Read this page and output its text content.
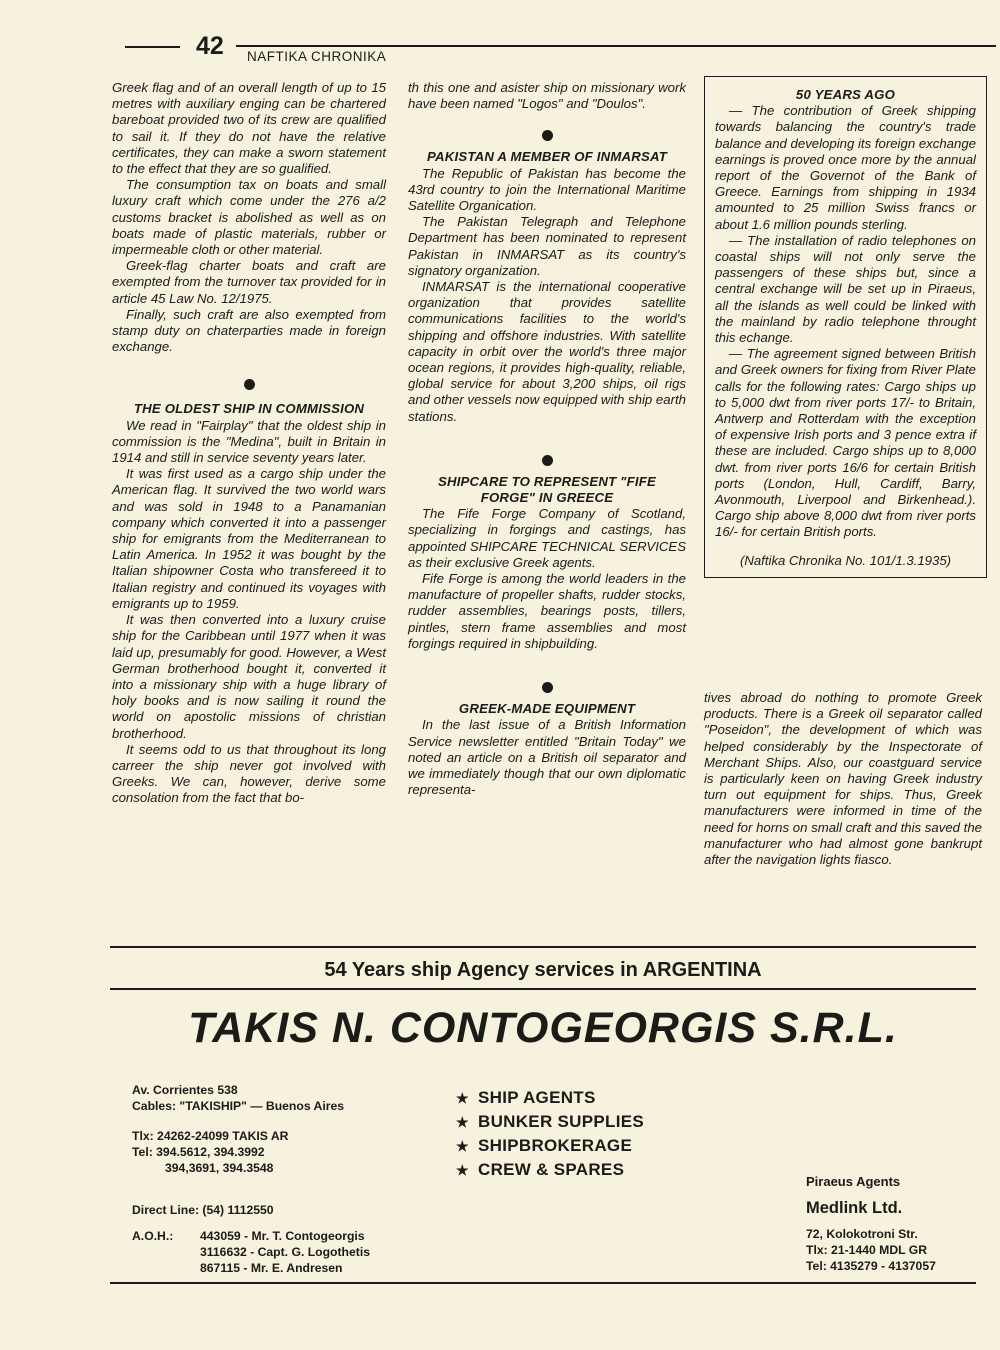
42 NAFTIKA CHRONIKA

Greek flag and of an overall length of up to 15 metres with auxiliary enging can be chartered bareboat provided two of its crew are qualified to sail it. If they do not have the relative certificates, they can make a sworn statement to the effect that they are so gualified.

The consumption tax on boats and small luxury craft which come under the 276 a/2 customs bracket is abolished as well as on boats made of plastic materials, rubber or impermeable cloth or other material.

Greek-flag charter boats and craft are exempted from the turnover tax provided for in article 45 Law No. 12/1975.

Finally, such craft are also exempted from stamp duty on chaterparties made in foreign exchange.

THE OLDEST SHIP IN COMMISSION

We read in "Fairplay" that the oldest ship in commission is the "Medina", built in Britain in 1914 and still in service seventy years later.

It was first used as a cargo ship under the American flag. It survived the two world wars and was sold in 1948 to a Panamanian company which converted it into a passenger ship for emigrants from the Mediterranean to Latin America. In 1952 it was bought by the Italian shipowner Costa who transfereed it to Italian registry and continued its voyages with emigrants up to 1959.

It was then converted into a luxury cruise ship for the Caribbean until 1977 when it was laid up, presumably for good. However, a West German brotherhood bought it, converted it into a missionary ship with a huge library of holy books and is now sailing it round the world on apostolic missions of christian brotherhood.

It seems odd to us that throughout its long carreer the ship never got involved with Greeks. We can, however, derive some consolation from the fact that bo-

th this one and asister ship on missionary work have been named "Logos" and "Doulos".

PAKISTAN A MEMBER OF INMARSAT

The Republic of Pakistan has become the 43rd country to join the International Maritime Satellite Organication.

The Pakistan Telegraph and Telephone Department has been nominated to represent Pakistan in INMARSAT as its country's signatory organization.

INMARSAT is the international cooperative organization that provides satellite communications facilities to the world's shipping and offshore industries. With satellite capacity in orbit over the world's three major ocean regions, it provides high-quality, reliable, global service for about 3,200 ships, oil rigs and other vessels now equipped with ship earth stations.

SHIPCARE TO REPRESENT "FIFE FORGE" IN GREECE

The Fife Forge Company of Scotland, specializing in forgings and castings, has appointed SHIPCARE TECHNICAL SERVICES as their exclusive Greek agents.

Fife Forge is among the world leaders in the manufacture of propeller shafts, rudder stocks, rudder assemblies, bearings posts, tillers, pintles, stern frame assemblies and most forgings required in shipbuilding.

GREEK-MADE EQUIPMENT

In the last issue of a British Information Service newsletter entitled "Britain Today" we noted an article on a British oil separator and we immediately though that our own diplomatic representa-

50 YEARS AGO

— The contribution of Greek shipping towards balancing the country's trade balance and developing its foreign exchange earnings is proved once more by the annual report of the Governot of the Bank of Greece. Earnings from shipping in 1934 amounted to 25 million Swiss francs or about 1.6 million pounds sterling.

— The installation of radio telephones on coastal ships will not only serve the passengers of these ships but, since a central exchange will be set up in Piraeus, all the islands as well could be linked with the mainland by radio telephone throught this echange.

— The agreement signed between British and Greek owners for fixing from River Plate calls for the following rates: Cargo ships up to 5,000 dwt from river ports 17/- to Britain, Antwerp and Rotterdam with the exception of expensive Irish ports and 3 pence extra if these are included. Cargo ships up to 8,000 dwt. from river ports 16/6 for certain British ports (London, Hull, Cardiff, Barry, Avonmouth, Liverpool and Birkenhead.). Cargo ship above 8,000 dwt from river ports 16/- for certain British ports.

(Naftika Chronika No. 101/1.3.1935)

tives abroad do nothing to promote Greek products. There is a Greek oil separator called "Poseidon", the development of which was helped considerably by the Inspectorate of Merchant Ships. Also, our coastguard service is particularly keen on having Greek industry turn out equipment for ships. Thus, Greek manufacturers were informed in time of the need for horns on small craft and this saved the manufacturer who had almost gone bankrupt after the navigation lights fiasco.

54 Years ship Agency services in ARGENTINA
TAKIS N. CONTOGEORGIS S.R.L.
Av. Corrientes 538
Cables: "TAKISHIP" — Buenos Aires
Tlx: 24262-24099 TAKIS AR
Tel: 394.5612, 394.3992
394,3691, 394.3548
Direct Line: (54) 1112550
A.O.H.:	443059 - Mr. T. Contogeorgis
3116632 - Capt. G. Logothetis
867115 - Mr. E. Andresen
★ SHIP AGENTS
★ BUNKER SUPPLIES
★ SHIPBROKERAGE
★ CREW & SPARES
Piraeus Agents
Medlink Ltd.
72, Kolokotroni Str.
Tlx: 21-1440 MDL GR
Tel: 4135279 - 4137057
